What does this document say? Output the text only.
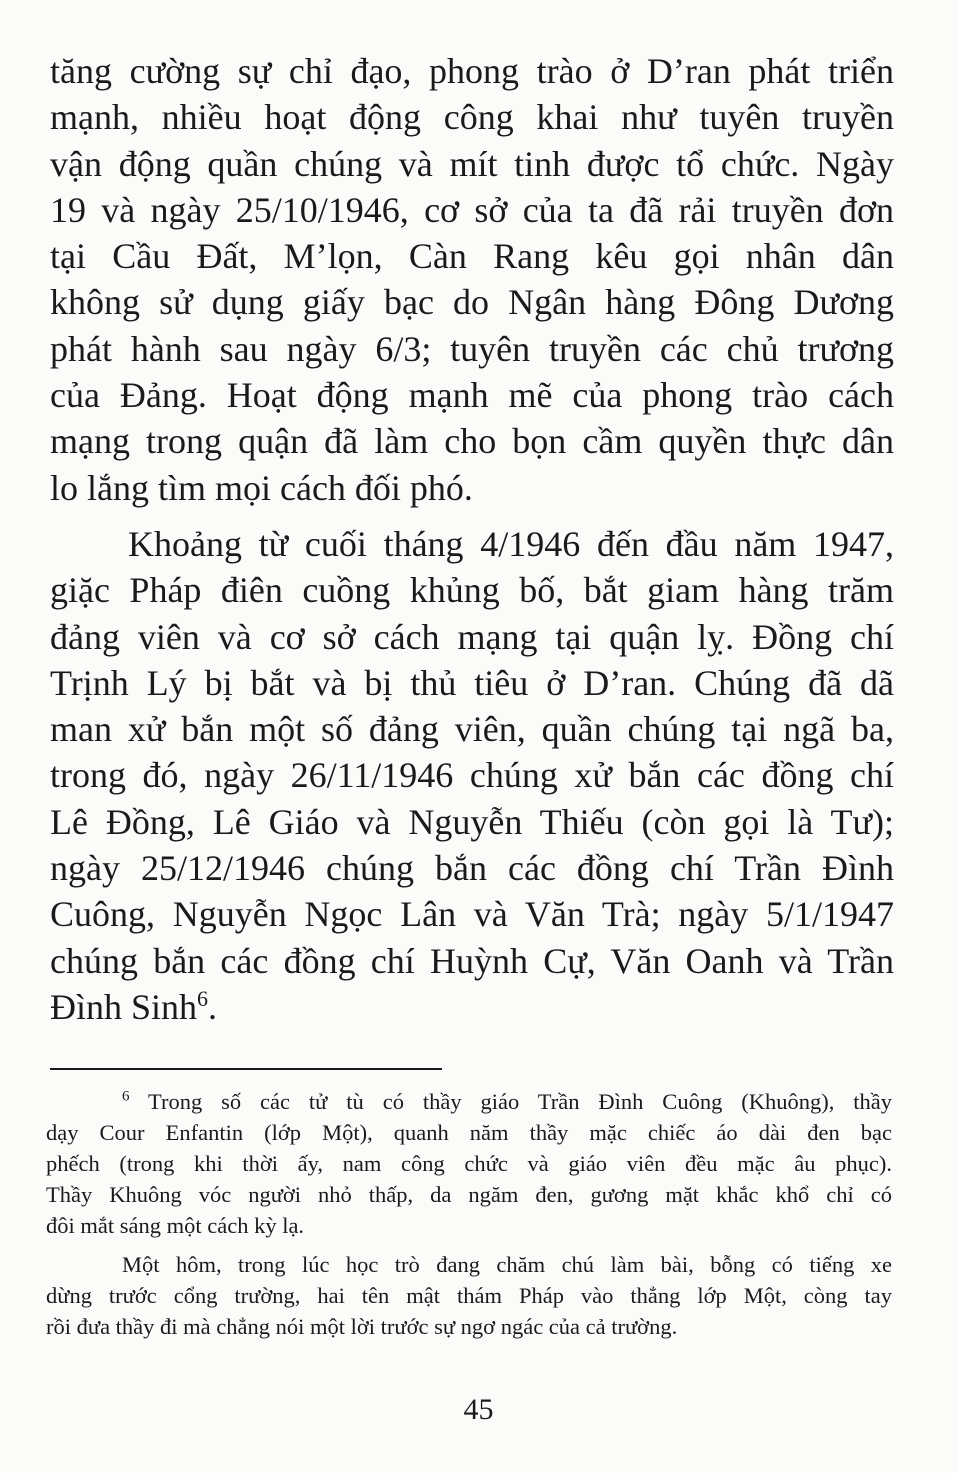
tăng cường sự chỉ đạo, phong trào ở D’ran phát triển
mạnh, nhiều hoạt động công khai như tuyên truyền
vận động quần chúng và mít tinh được tổ chức. Ngày
19 và ngày 25/10/1946, cơ sở của ta đã rải truyền đơn
tại Cầu Đất, M’lọn, Càn Rang kêu gọi nhân dân
không sử dụng giấy bạc do Ngân hàng Đông Dương
phát hành sau ngày 6/3; tuyên truyền các chủ trương
của Đảng. Hoạt động mạnh mẽ của phong trào cách
mạng trong quận đã làm cho bọn cầm quyền thực dân
lo lắng tìm mọi cách đối phó.

Khoảng từ cuối tháng 4/1946 đến đầu năm 1947,
giặc Pháp điên cuồng khủng bố, bắt giam hàng trăm
đảng viên và cơ sở cách mạng tại quận lỵ. Đồng chí
Trịnh Lý bị bắt và bị thủ tiêu ở D’ran. Chúng đã dã
man xử bắn một số đảng viên, quần chúng tại ngã ba,
trong đó, ngày 26/11/1946 chúng xử bắn các đồng chí
Lê Đồng, Lê Giáo và Nguyễn Thiếu (còn gọi là Tư);
ngày 25/12/1946 chúng bắn các đồng chí Trần Đình
Cuông, Nguyễn Ngọc Lân và Văn Trà; ngày 5/1/1947
chúng bắn các đồng chí Huỳnh Cự, Văn Oanh và Trần
Đình Sinh$^6$.

$^6$ Trong số các tử tù có thầy giáo Trần Đình Cuông (Khuông), thầy
dạy Cour Enfantin (lớp Một), quanh năm thầy mặc chiếc áo dài đen bạc
phếch (trong khi thời ấy, nam công chức và giáo viên đều mặc âu phục).
Thầy Khuông vóc người nhỏ thấp, da ngăm đen, gương mặt khắc khổ chỉ có
đôi mắt sáng một cách kỳ lạ.
Một hôm, trong lúc học trò đang chăm chú làm bài, bỗng có tiếng xe
dừng trước cổng trường, hai tên mật thám Pháp vào thẳng lớp Một, còng tay
rồi đưa thầy đi mà chẳng nói một lời trước sự ngơ ngác của cả trường.
45
